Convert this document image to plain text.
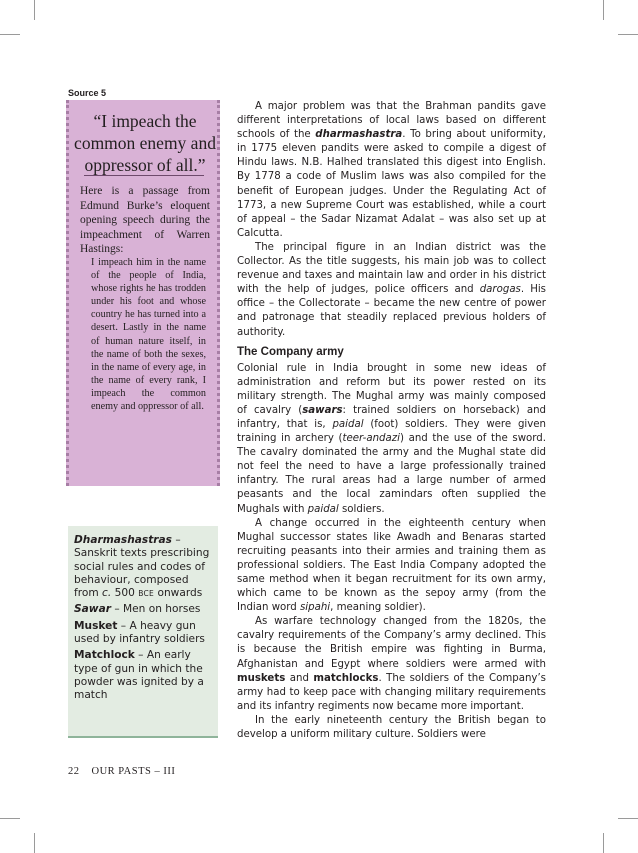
Source 5
“I impeach the common enemy and oppressor of all.”
Here is a passage from Edmund Burke’s eloquent opening speech during the impeachment of Warren Hastings:
I impeach him in the name of the people of India, whose rights he has trodden under his foot and whose country he has turned into a desert. Lastly in the name of human nature itself, in the name of both the sexes, in the name of every age, in the name of every rank, I impeach the common enemy and oppressor of all.

Dharmashastras – Sanskrit texts prescribing social rules and codes of behaviour, composed from c. 500 BCE onwards

Sawar – Men on horses

Musket – A heavy gun used by infantry soldiers

Matchlock – An early type of gun in which the powder was ignited by a match

A major problem was that the Brahman pandits gave different interpretations of local laws based on different schools of the dharmashastra. To bring about uniformity, in 1775 eleven pandits were asked to compile a digest of Hindu laws. N.B. Halhed translated this digest into English. By 1778 a code of Muslim laws was also compiled for the benefit of European judges. Under the Regulating Act of 1773, a new Supreme Court was established, while a court of appeal – the Sadar Nizamat Adalat – was also set up at Calcutta.

The principal figure in an Indian district was the Collector. As the title suggests, his main job was to collect revenue and taxes and maintain law and order in his district with the help of judges, police officers and darogas. His office – the Collectorate – became the new centre of power and patronage that steadily replaced previous holders of authority.

The Company army

Colonial rule in India brought in some new ideas of administration and reform but its power rested on its military strength. The Mughal army was mainly composed of cavalry (sawars: trained soldiers on horseback) and infantry, that is, paidal (foot) soldiers. They were given training in archery (teer-andazi) and the use of the sword. The cavalry dominated the army and the Mughal state did not feel the need to have a large professionally trained infantry. The rural areas had a large number of armed peasants and the local zamindars often supplied the Mughals with paidal soldiers.

A change occurred in the eighteenth century when Mughal successor states like Awadh and Benaras started recruiting peasants into their armies and training them as professional soldiers. The East India Company adopted the same method when it began recruitment for its own army, which came to be known as the sepoy army (from the Indian word sipahi, meaning soldier).

As warfare technology changed from the 1820s, the cavalry requirements of the Company’s army declined. This is because the British empire was fighting in Burma, Afghanistan and Egypt where soldiers were armed with muskets and matchlocks. The soldiers of the Company’s army had to keep pace with changing military requirements and its infantry regiments now became more important.

In the early nineteenth century the British began to develop a uniform military culture. Soldiers were

22 OUR PASTS – III
